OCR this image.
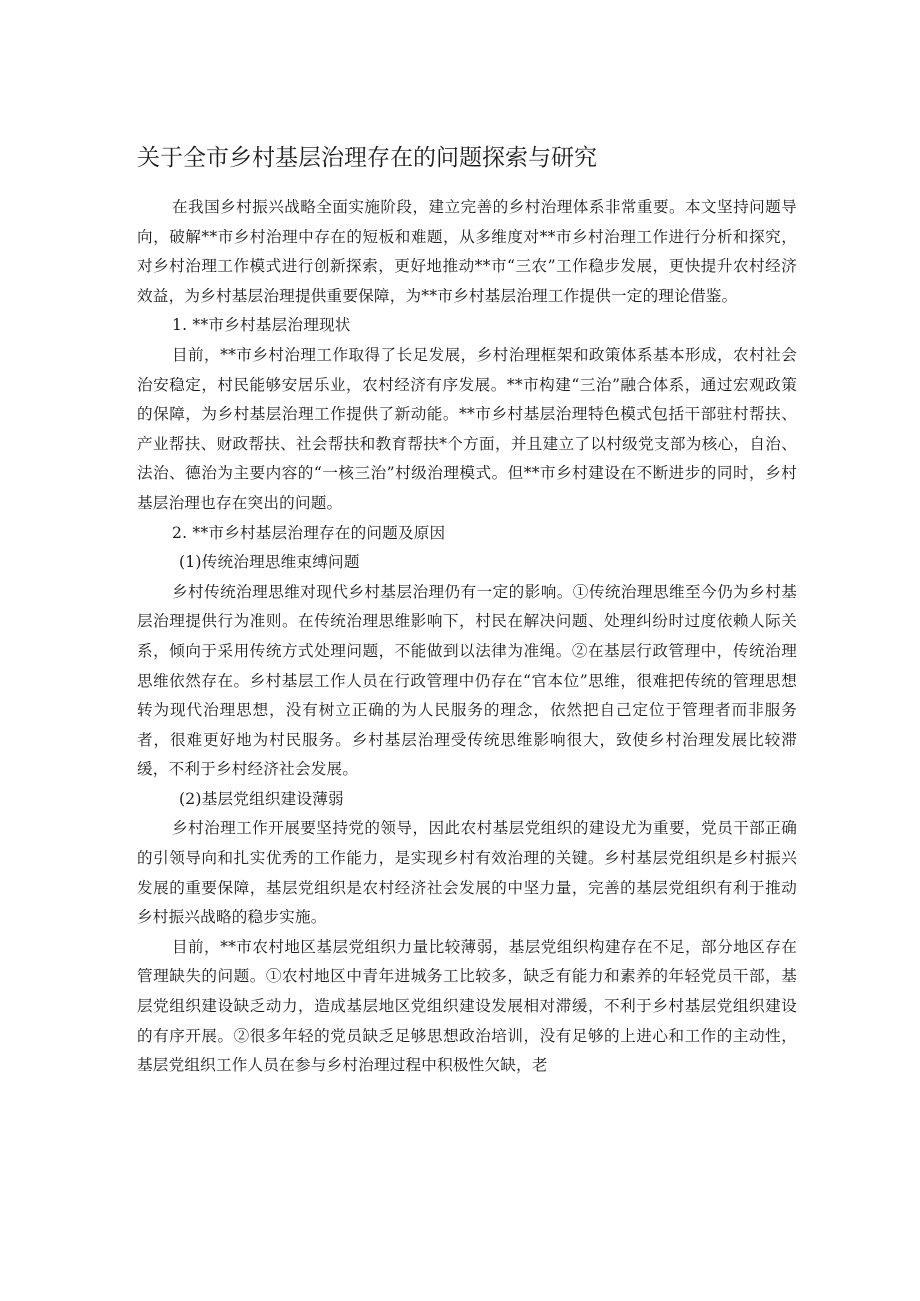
关于全市乡村基层治理存在的问题探索与研究

在我国乡村振兴战略全面实施阶段，建立完善的乡村治理体系非常重要。本文坚持问题导向，破解**市乡村治理中存在的短板和难题，从多维度对**市乡村治理工作进行分析和探究，对乡村治理工作模式进行创新探索，更好地推动**市“三农”工作稳步发展，更快提升农村经济效益，为乡村基层治理提供重要保障，为**市乡村基层治理工作提供一定的理论借鉴。

1. **市乡村基层治理现状

目前，**市乡村治理工作取得了长足发展，乡村治理框架和政策体系基本形成，农村社会治安稳定，村民能够安居乐业，农村经济有序发展。**市构建“三治”融合体系，通过宏观政策的保障，为乡村基层治理工作提供了新动能。**市乡村基层治理特色模式包括干部驻村帮扶、产业帮扶、财政帮扶、社会帮扶和教育帮扶*个方面，并且建立了以村级党支部为核心，自治、法治、德治为主要内容的“一核三治”村级治理模式。但**市乡村建设在不断进步的同时，乡村基层治理也存在突出的问题。

2. **市乡村基层治理存在的问题及原因

(1)传统治理思维束缚问题

乡村传统治理思维对现代乡村基层治理仍有一定的影响。①传统治理思维至今仍为乡村基层治理提供行为准则。在传统治理思维影响下，村民在解决问题、处理纠纷时过度依赖人际关系，倾向于采用传统方式处理问题，不能做到以法律为准绳。②在基层行政管理中，传统治理思维依然存在。乡村基层工作人员在行政管理中仍存在“官本位”思维，很难把传统的管理思想转为现代治理思想，没有树立正确的为人民服务的理念，依然把自己定位于管理者而非服务者，很难更好地为村民服务。乡村基层治理受传统思维影响很大，致使乡村治理发展比较滞缓，不利于乡村经济社会发展。

(2)基层党组织建设薄弱

乡村治理工作开展要坚持党的领导，因此农村基层党组织的建设尤为重要，党员干部正确的引领导向和扎实优秀的工作能力，是实现乡村有效治理的关键。乡村基层党组织是乡村振兴发展的重要保障，基层党组织是农村经济社会发展的中坚力量，完善的基层党组织有利于推动乡村振兴战略的稳步实施。

目前，**市农村地区基层党组织力量比较薄弱，基层党组织构建存在不足，部分地区存在管理缺失的问题。①农村地区中青年进城务工比较多，缺乏有能力和素养的年轻党员干部，基层党组织建设缺乏动力，造成基层地区党组织建设发展相对滞缓，不利于乡村基层党组织建设的有序开展。②很多年轻的党员缺乏足够思想政治培训，没有足够的上进心和工作的主动性，基层党组织工作人员在参与乡村治理过程中积极性欠缺，老
